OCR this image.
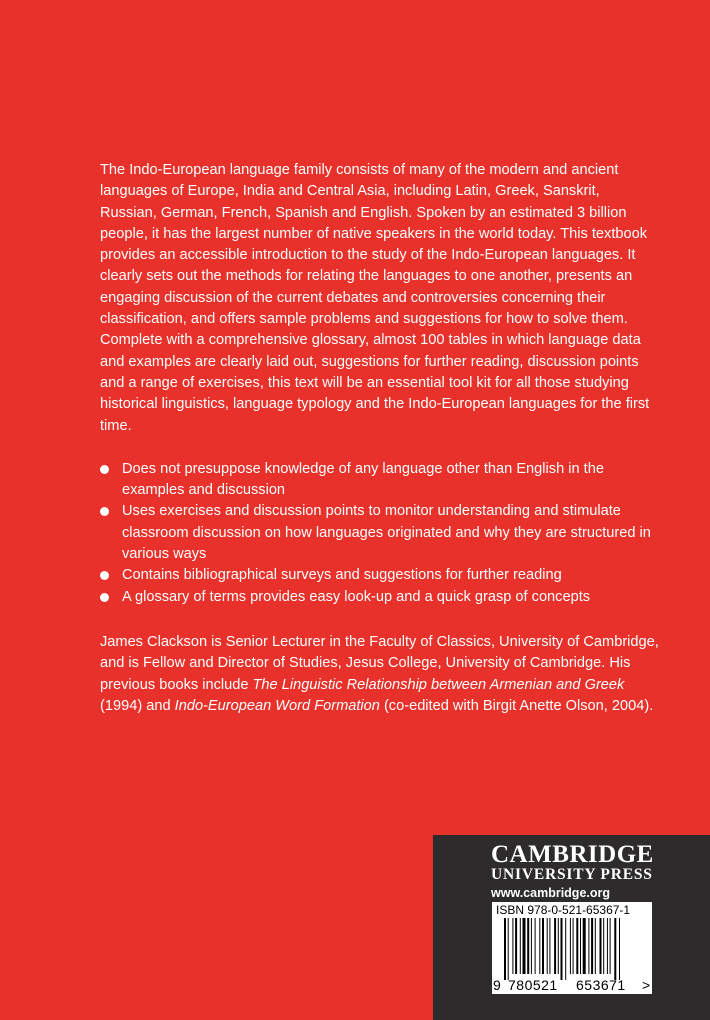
The Indo-European language family consists of many of the modern and ancient languages of Europe, India and Central Asia, including Latin, Greek, Sanskrit, Russian, German, French, Spanish and English. Spoken by an estimated 3 billion people, it has the largest number of native speakers in the world today. This textbook provides an accessible introduction to the study of the Indo-European languages. It clearly sets out the methods for relating the languages to one another, presents an engaging discussion of the current debates and controversies concerning their classification, and offers sample problems and suggestions for how to solve them. Complete with a comprehensive glossary, almost 100 tables in which language data and examples are clearly laid out, suggestions for further reading, discussion points and a range of exercises, this text will be an essential tool kit for all those studying historical linguistics, language typology and the Indo-European languages for the first time.

Does not presuppose knowledge of any language other than English in the examples and discussion
Uses exercises and discussion points to monitor understanding and stimulate classroom discussion on how languages originated and why they are structured in various ways
Contains bibliographical surveys and suggestions for further reading
A glossary of terms provides easy look-up and a quick grasp of concepts

James Clackson is Senior Lecturer in the Faculty of Classics, University of Cambridge, and is Fellow and Director of Studies, Jesus College, University of Cambridge. His previous books include The Linguistic Relationship between Armenian and Greek (1994) and Indo-European Word Formation (co-edited with Birgit Anette Olson, 2004).

CAMBRIDGE
UNIVERSITY PRESS
www.cambridge.org
ISBN 978-0-521-65367-1
9 780521 653671 >
